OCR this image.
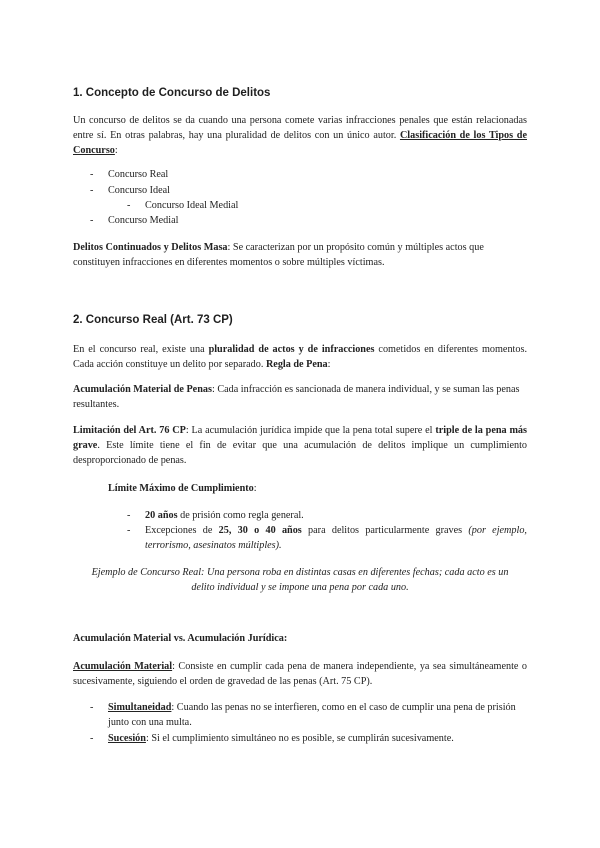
1. Concepto de Concurso de Delitos
Un concurso de delitos se da cuando una persona comete varias infracciones penales que están relacionadas entre sí. En otras palabras, hay una pluralidad de delitos con un único autor. Clasificación de los Tipos de Concurso:
- Concurso Real
- Concurso Ideal
- Concurso Ideal Medial
- Concurso Medial
Delitos Continuados y Delitos Masa: Se caracterizan por un propósito común y múltiples actos que constituyen infracciones en diferentes momentos o sobre múltiples víctimas.
2. Concurso Real (Art. 73 CP)
En el concurso real, existe una pluralidad de actos y de infracciones cometidos en diferentes momentos. Cada acción constituye un delito por separado. Regla de Pena:
Acumulación Material de Penas: Cada infracción es sancionada de manera individual, y se suman las penas resultantes.
Limitación del Art. 76 CP: La acumulación jurídica impide que la pena total supere el triple de la pena más grave. Este límite tiene el fin de evitar que una acumulación de delitos implique un cumplimiento desproporcionado de penas.
Límite Máximo de Cumplimiento:
- 20 años de prisión como regla general.
- Excepciones de 25, 30 o 40 años para delitos particularmente graves (por ejemplo, terrorismo, asesinatos múltiples).
Ejemplo de Concurso Real: Una persona roba en distintas casas en diferentes fechas; cada acto es un delito individual y se impone una pena por cada uno.
Acumulación Material vs. Acumulación Jurídica:
Acumulación Material: Consiste en cumplir cada pena de manera independiente, ya sea simultáneamente o sucesivamente, siguiendo el orden de gravedad de las penas (Art. 75 CP).
- Simultaneidad: Cuando las penas no se interfieren, como en el caso de cumplir una pena de prisión junto con una multa.
- Sucesión: Si el cumplimiento simultáneo no es posible, se cumplirán sucesivamente.
